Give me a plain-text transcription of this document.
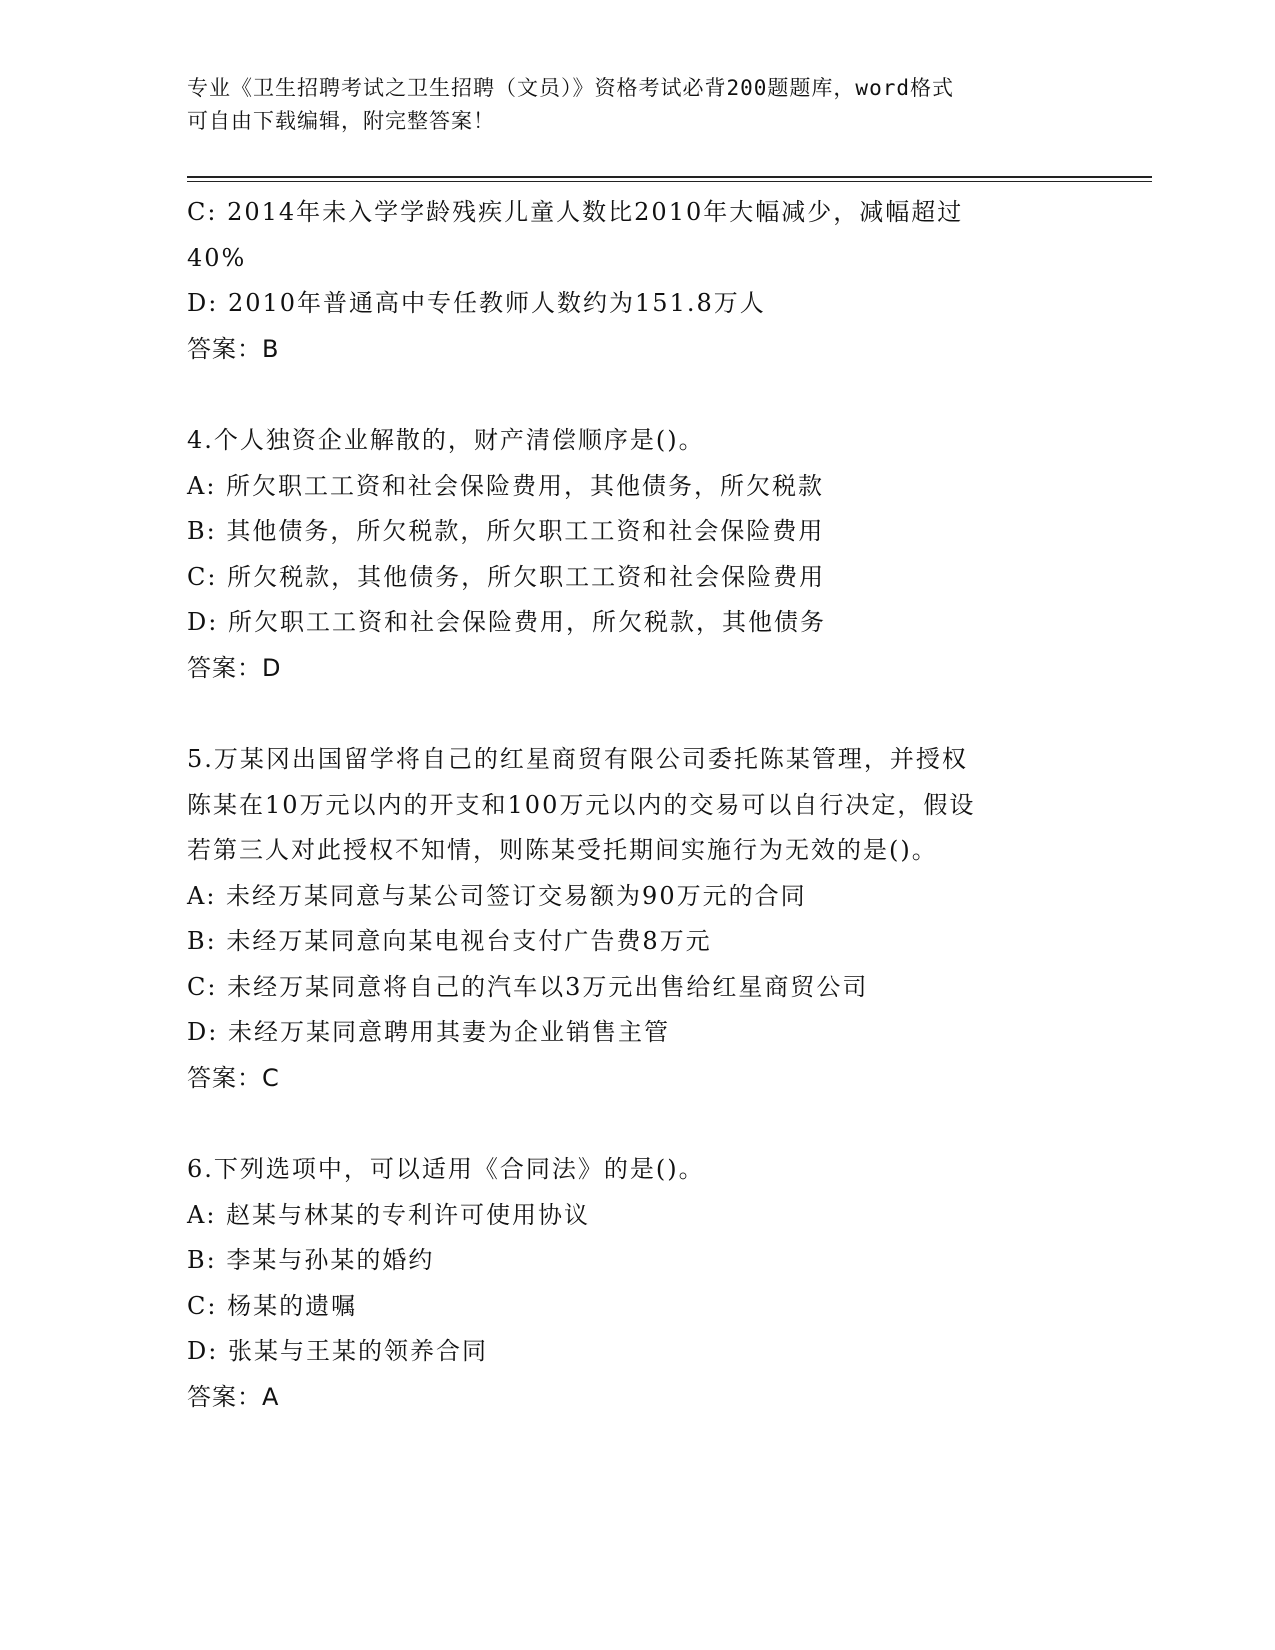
专业《卫生招聘考试之卫生招聘（文员）》资格考试必背200题题库，word格式
可自由下载编辑，附完整答案！
C: 2014年未入学学龄残疾儿童人数比2010年大幅减少，减幅超过
40%
D: 2010年普通高中专任教师人数约为151.8万人
答案：B
4.个人独资企业解散的，财产清偿顺序是()。
A: 所欠职工工资和社会保险费用，其他债务，所欠税款
B: 其他债务，所欠税款，所欠职工工资和社会保险费用
C: 所欠税款，其他债务，所欠职工工资和社会保险费用
D: 所欠职工工资和社会保险费用，所欠税款，其他债务
答案：D
5.万某冈出国留学将自己的红星商贸有限公司委托陈某管理，并授权
陈某在10万元以内的开支和100万元以内的交易可以自行决定，假设
若第三人对此授权不知情，则陈某受托期间实施行为无效的是()。
A: 未经万某同意与某公司签订交易额为90万元的合同
B: 未经万某同意向某电视台支付广告费8万元
C: 未经万某同意将自己的汽车以3万元出售给红星商贸公司
D: 未经万某同意聘用其妻为企业销售主管
答案：C
6.下列选项中，可以适用《合同法》的是()。
A: 赵某与林某的专利许可使用协议
B: 李某与孙某的婚约
C: 杨某的遗嘱
D: 张某与王某的领养合同
答案：A
